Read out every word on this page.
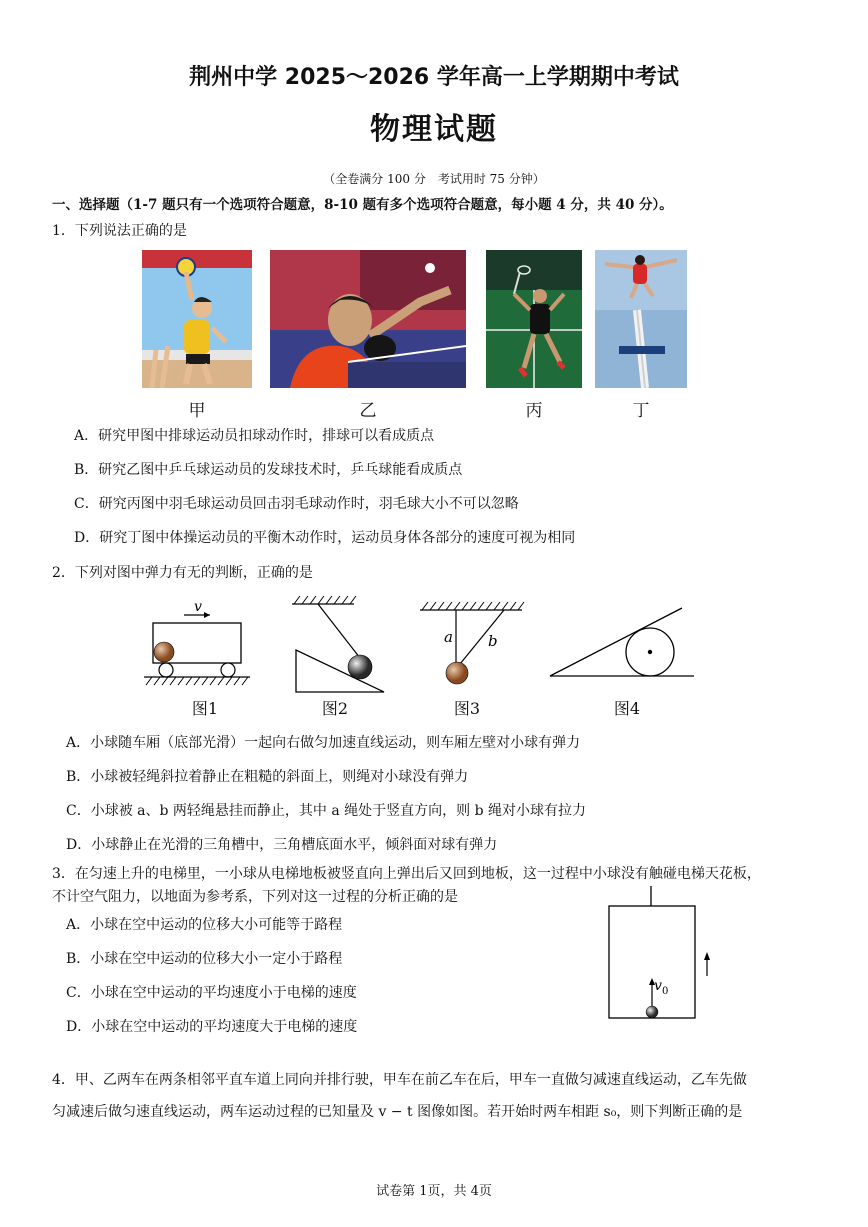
荆州中学 2025～2026 学年高一上学期期中考试
物理试题
（全卷满分 100 分　考试用时 75 分钟）
一、选择题（1-7 题只有一个选项符合题意，8-10 题有多个选项符合题意，每小题 4 分，共 40 分）。
1．下列说法正确的是
甲	乙	丙	丁
A．研究甲图中排球运动员扣球动作时，排球可以看成质点
B．研究乙图中乒乓球运动员的发球技术时，乒乓球能看成质点
C．研究丙图中羽毛球运动员回击羽毛球动作时，羽毛球大小不可以忽略
D．研究丁图中体操运动员的平衡木动作时，运动员身体各部分的速度可视为相同
2．下列对图中弹力有无的判断，正确的是
v
a b
图1	图2	图3	图4
A．小球随车厢（底部光滑）一起向右做匀加速直线运动，则车厢左壁对小球有弹力
B．小球被轻绳斜拉着静止在粗糙的斜面上，则绳对小球没有弹力
C．小球被 a、b 两轻绳悬挂而静止，其中 a 绳处于竖直方向，则 b 绳对小球有拉力
D．小球静止在光滑的三角槽中，三角槽底面水平，倾斜面对球有弹力
3．在匀速上升的电梯里，一小球从电梯地板被竖直向上弹出后又回到地板，这一过程中小球没有触碰电梯天花板，
不计空气阻力，以地面为参考系，下列对这一过程的分析正确的是
A．小球在空中运动的位移大小可能等于路程
B．小球在空中运动的位移大小一定小于路程
C．小球在空中运动的平均速度小于电梯的速度
D．小球在空中运动的平均速度大于电梯的速度
v 0
4．甲、乙两车在两条相邻平直车道上同向并排行驶，甲车在前乙车在后，甲车一直做匀减速直线运动，乙车先做
匀减速后做匀速直线运动，两车运动过程的已知量及 v − t 图像如图。若开始时两车相距 s₀，则下判断正确的是
试卷第 1页，共 4页
